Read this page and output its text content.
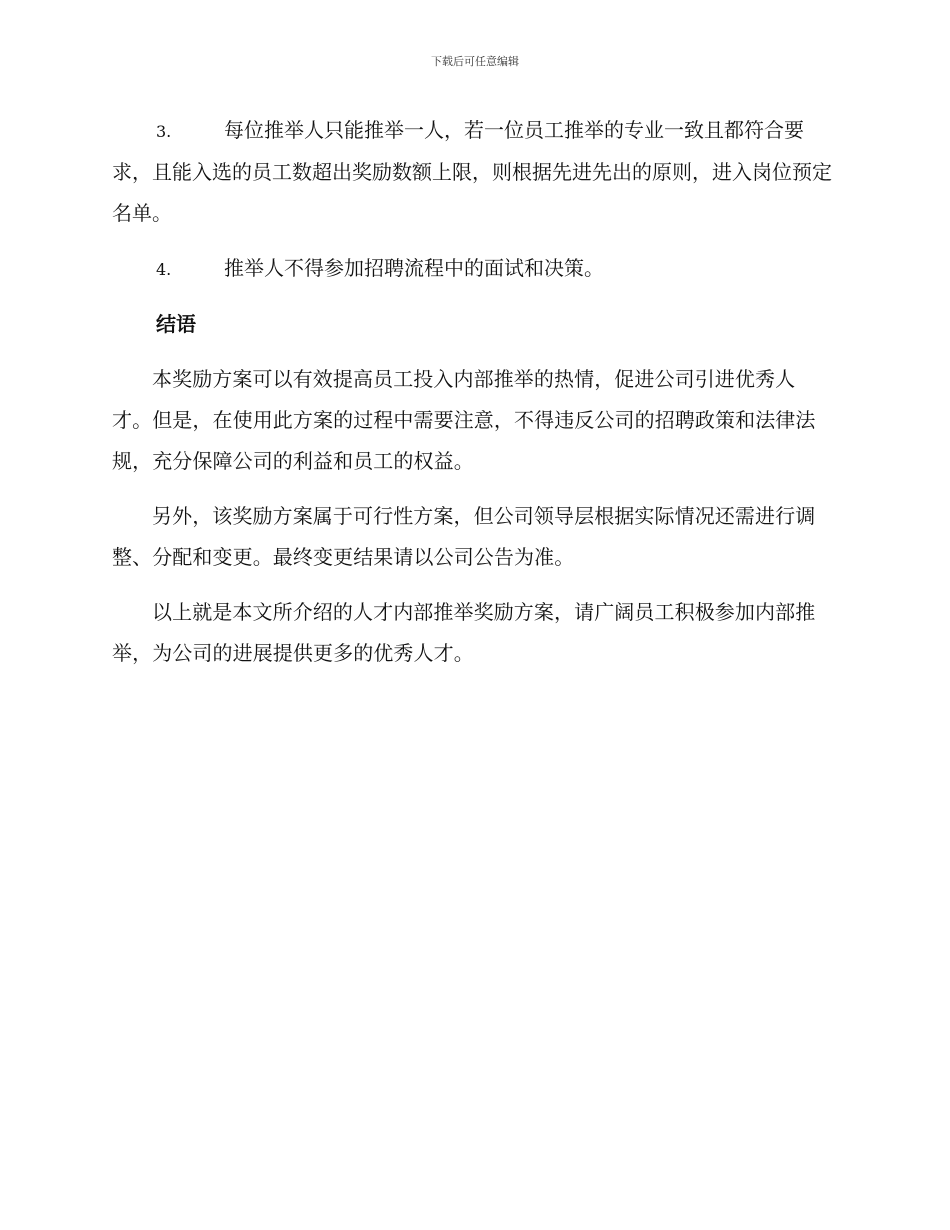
下载后可任意编辑

3.	每位推举人只能推举一人，若一位员工推举的专业一致且都符合要求，且能入选的员工数超出奖励数额上限，则根据先进先出的原则，进入岗位预定名单。

4.	推举人不得参加招聘流程中的面试和决策。

结语

本奖励方案可以有效提高员工投入内部推举的热情，促进公司引进优秀人才。但是，在使用此方案的过程中需要注意，不得违反公司的招聘政策和法律法规，充分保障公司的利益和员工的权益。

另外，该奖励方案属于可行性方案，但公司领导层根据实际情况还需进行调整、分配和变更。最终变更结果请以公司公告为准。

以上就是本文所介绍的人才内部推举奖励方案，请广阔员工积极参加内部推举，为公司的进展提供更多的优秀人才。
